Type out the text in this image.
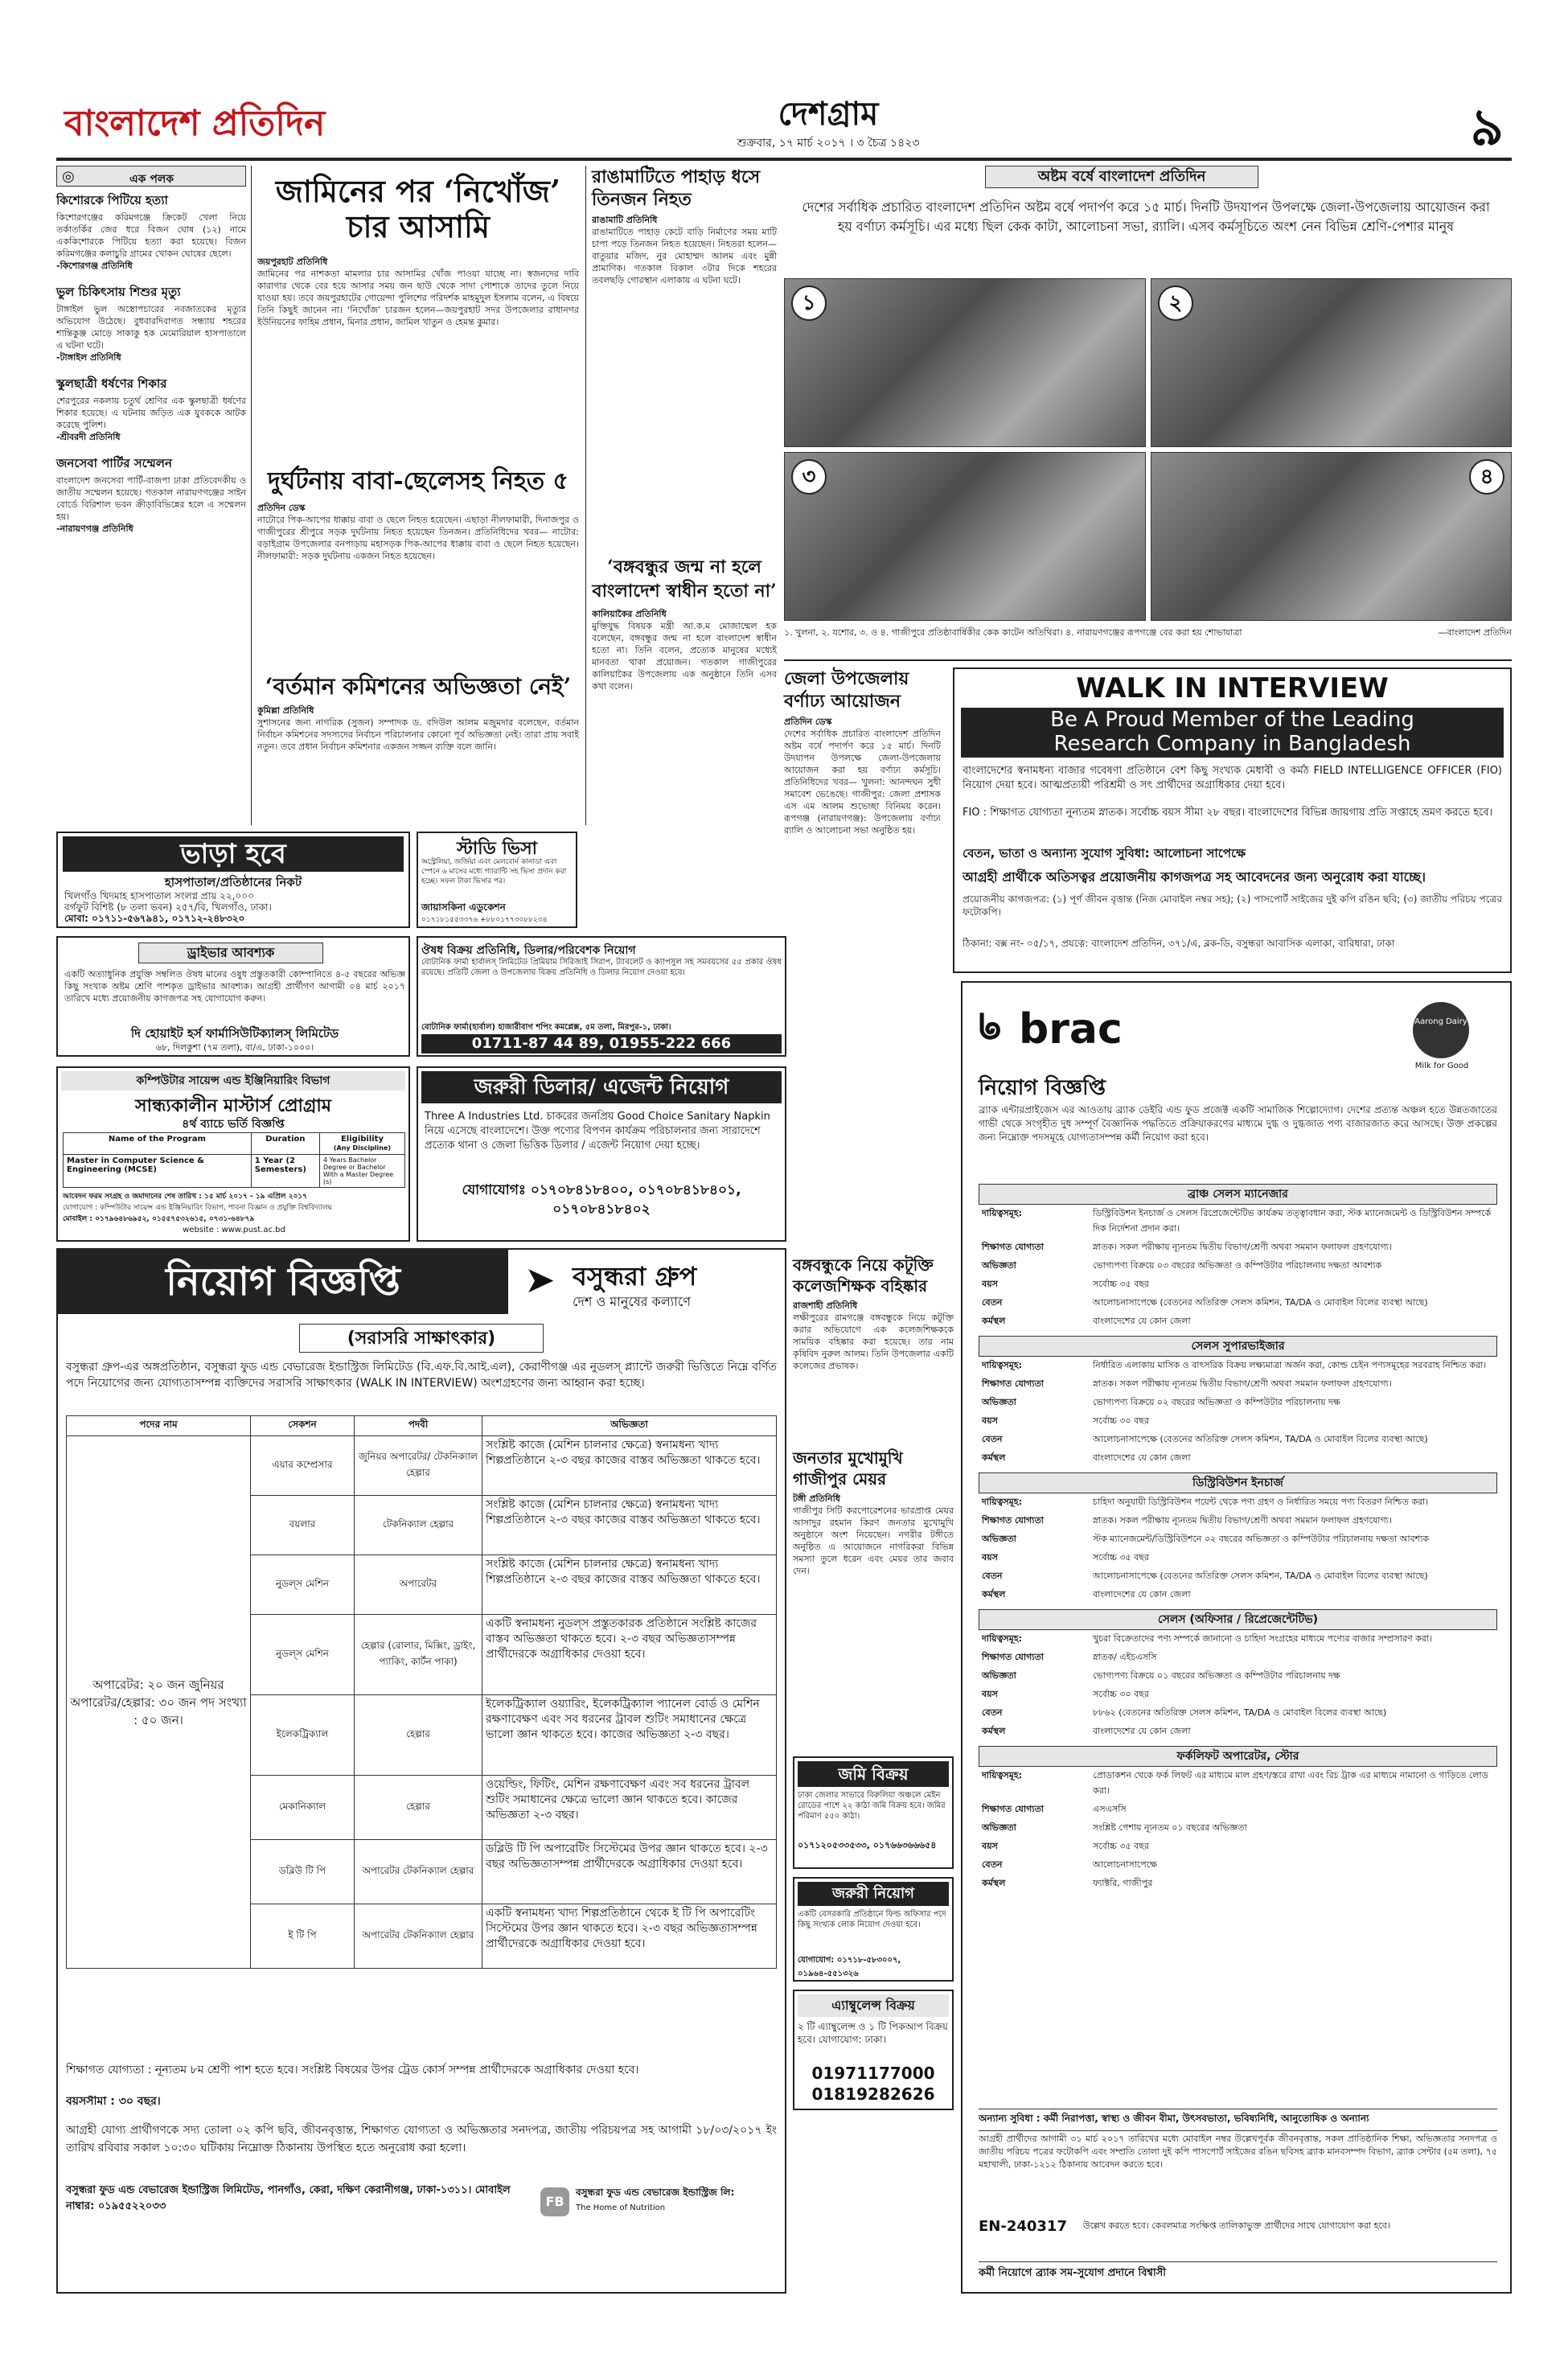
বাংলাদেশ প্রতিদিন	দেশগ্রাম
শুক্রবার, ১৭ মার্চ ২০১৭ । ৩ চৈত্র ১৪২৩	৯
◎	এক পলক
কিশোরকে পিটিয়ে হত্যা
কিশোরগঞ্জের করিমগঞ্জে ক্রিকেট খেলা নিয়ে তর্কাতর্কির জের ধরে বিজন ঘোষ (১২) নামে এককিশোরকে পিটিয়ে হত্যা করা হয়েছে। বিজন করিমগঞ্জের কলাচুরি গ্রামের খোকন ঘোষের ছেলে।
-কিশোরগঞ্জ প্রতিনিধি
ভুল চিকিৎসায় শিশুর মৃত্যু
টাঙ্গাইল ভুল অস্ত্রোপচারের নবজাতকের মৃত্যুর অভিযোগ উঠেছে। বুধবারদিবাগত সন্ধ্যায় শহরের শান্তিকুঞ্জ মোড়ে সাকাকু হক মেমোরিয়াল হাসপাতালে এ ঘটনা ঘটে।
-টাঙ্গাইল প্রতিনিধি
স্কুলছাত্রী ধর্ষণের শিকার
শেরপুরের নকলায় চতুর্থ শ্রেণির এক স্কুলছাত্রী ধর্ষণের শিকার হয়েছে। এ ঘটনায় জড়িত এক যুবককে আটক করেছে পুলিশ।
-শ্রীবরদী প্রতিনিধি
জনসেবা পার্টির সম্মেলন
বাংলাদেশ জনসেবা পার্টি-বাজপা ঢাকা প্রতিবেদকীয় ও জাতীয় সম্মেলন হয়েছে। গতকাল নারায়ণগঞ্জের সাইন বোর্ডে বিরিশাল ভবন ক্রীড়াবিভিন্নের হলে এ সম্মেলন হয়।
-নারায়ণগঞ্জ প্রতিনিধি
জামিনের পর ‘নিখোঁজ’ চার আসামি
জয়পুরহাট প্রতিনিধি
জামিনের পর নাশকতা মামলার চার আসামির খোঁজ পাওয়া যাচ্ছে না। স্বজনদের দাবি কারাগার থেকে বের হয়ে আসার সময় জন ছাউ থেকে সাদা পোশাকে তাদের তুলে নিয়ে যাওয়া হয়। তবে জয়পুরহাটের গোয়েন্দা পুলিশের পরিদর্শক মাহমুদুল ইসলাম বলেন, এ বিষয়ে তিনি কিছুই জানেন না। ‘নিখোঁজ’ চারজন হলেন—জয়পুরহাট সদর উপজেলার রাধানগর ইউনিয়নের ফাহিম প্রধান, মিনার প্রধান, জামিল খাতুন ও হেমন্ত কুমার।
দুর্ঘটনায় বাবা-ছেলেসহ নিহত ৫
প্রতিদিন ডেস্ক
নাটোরে পিক-আপের ধাক্কায় বাবা ও ছেলে নিহত হয়েছেন। এছাড়া নীলফামারী, দিনাজপুর ও গাজীপুরের শ্রীপুরে সড়ক দুর্ঘটনায় নিহত হয়েছেন তিনজন। প্রতিনিধিদের খবর— নাটোর: বড়াইগ্রাম উপজেলার বনপাড়ায় মহাসড়ক পিক-আপের ধাক্কায় বাবা ও ছেলে নিহত হয়েছেন। নীলফামারী: সড়ক দুর্ঘটনায় একজন নিহত হয়েছেন।
‘বর্তমান কমিশনের অভিজ্ঞতা নেই’
কুমিল্লা প্রতিনিধি
সুশাসনের জন্য নাগরিক (সুজন) সম্পাদক ড. বদিউল আলম মজুমদার বলেছেন, বর্তমান নির্বাচন কমিশনের সদস্যদের নির্বাচন পরিচালনার কোনো পূর্ব অভিজ্ঞতা নেই। তারা প্রায় সবাই নতুন। তবে প্রধান নির্বাচন কমিশনার একজন সজ্জন ব্যক্তি বলে জানি।
রাঙামাটিতে পাহাড় ধসে তিনজন নিহত
রাঙামাটি প্রতিনিধি
রাঙামাটিতে পাহাড় কেটে বাড়ি নির্মাণের সময় মাটি চাপা পড়ে তিনজন নিহত হয়েছেন। নিহতরা হলেন— বাতুয়ার মজিদ, নুর মোহাম্মদ আলম এবং মুন্নী প্রামাণিক। গতকাল বিকাল ৩টার দিকে শহরের তবলছড়ি গোরস্থান এলাকায় এ ঘটনা ঘটে।
‘বঙ্গবন্ধুর জন্ম না হলে বাংলাদেশ স্বাধীন হতো না’
কালিয়াকৈর প্রতিনিধি
মুক্তিযুদ্ধ বিষয়ক মন্ত্রী আ.ক.ম মোজাম্মেল হক বলেছেন, বঙ্গবন্ধুর জন্ম না হলে বাংলাদেশ স্বাধীন হতো না। তিনি বলেন, প্রত্যেক মানুষের মধ্যেই মানবতা থাকা প্রয়োজন। গতকাল গাজীপুরের কালিয়াকৈর উপজেলায় এক অনুষ্ঠানে তিনি এসব কথা বলেন।
অষ্টম বর্ষে বাংলাদেশ প্রতিদিন
দেশের সর্বাধিক প্রচারিত বাংলাদেশ প্রতিদিন অষ্টম বর্ষে পদার্পণ করে ১৫ মার্চ। দিনটি উদযাপন উপলক্ষে জেলা-উপজেলায় আয়োজন করা হয় বর্ণাঢ্য কর্মসূচি। এর মধ্যে ছিল কেক কাটা, আলোচনা সভা, র‌্যালি। এসব কর্মসূচিতে অংশ নেন বিভিন্ন শ্রেণি-পেশার মানুষ
১	২
৩	৪
১. খুলনা, ২. যশোর, ৩. ও ৪. গাজীপুরে প্রতিষ্ঠাবার্ষিকীর কেক কাটেন অতিথিরা। ৪. নারায়ণগঞ্জের রূপগঞ্জে বের করা হয় শোভাযাত্রা	—বাংলাদেশ প্রতিদিন
জেলা উপজেলায় বর্ণাঢ্য আয়োজন
প্রতিদিন ডেস্ক
দেশের সর্বাধিক প্রচারিত বাংলাদেশ প্রতিদিন অষ্টম বর্ষে পদার্পণ করে ১৫ মার্চ। দিনটি উদযাপন উপলক্ষে জেলা-উপজেলায় আয়োজন করা হয় বর্ণাঢ্য কর্মসূচি। প্রতিনিধিদের খবর— খুলনা: আনন্দঘন সুধী সমাবেশ ভেঙেছে। গাজীপুর: জেলা প্রশাসক এস এম আলম শুভেচ্ছা বিনিময় করেন। রূপগঞ্জ (নারায়ণগঞ্জ): উপজেলায় বর্ণাঢ্য র‌্যালি ও আলোচনা সভা অনুষ্ঠিত হয়।
WALK IN INTERVIEW
Be A Proud Member of the Leading
Research Company in Bangladesh
বাংলাদেশের স্বনামধন্য বাজার গবেষণা প্রতিষ্ঠানে বেশ কিছু সংখ্যক মেধাবী ও কর্মঠ FIELD INTELLIGENCE OFFICER (FIO) নিয়োগ দেয়া হবে। আত্মপ্রত্যয়ী পরিশ্রমী ও সৎ প্রার্থীদের অগ্রাধিকার দেয়া হবে।
FIO : শিক্ষাগত যোগ্যতা নুন্যতম স্নাতক। সর্বোচ্চ বয়স সীমা ২৮ বছর। বাংলাদেশের বিভিন্ন জায়গায় প্রতি সপ্তাহে ভ্রমণ করতে হবে।
বেতন, ভাতা ও অন্যান্য সুযোগ সুবিধা: আলোচনা সাপেক্ষে
আগ্রহী প্রার্থীকে অতিসত্বর প্রয়োজনীয় কাগজপত্র সহ আবেদনের জন্য অনুরোধ করা যাচ্ছে।
প্রয়োজনীয় কাগজপত্র: (১) পূর্ণ জীবন বৃত্তান্ত (নিজ মোবাইল নম্বর সহ); (২) পাসপোর্ট সাইজের দুই কপি রঙিন ছবি; (৩) জাতীয় পরিচয় পত্রের ফটোকপি।
ঠিকানা: বক্স নং- ০৫/১৭, প্রযত্নে: বাংলাদেশ প্রতিদিন, ৩৭১/এ, ব্লক-ডি, বসুন্ধরা আবাসিক এলাকা, বারিধারা, ঢাকা
ভাড়া হবে
হাসপাতাল/প্রতিষ্ঠানের নিকট
খিলগাঁও খিদমাহ হাসপাতাল সংলগ্ন প্রায় ২২,০০০
বর্গফুট বিশিষ্ট (৮ তলা ভবন) ২৫৭/বি, খিলগাঁও, ঢাকা।
মোবা: ০১৭১১-৫৬৭৯৪১, ০১৭১২-২৪৮৩২০
স্টাডি ভিসা
অস্ট্রেলিয়া, জর্জিয়া এবং মেলবোর্ন কানাডা এবং স্পেনে ৬ মাসের মধ্যে গ্যারান্টি সহ ভিসা প্রদান করা হচ্ছে। সফল টাকা ভিসার পর।
জায়াসকিনা এডুকেশন
০১৭১৮১৫৫৩৩৭৬ +৮৮০১৭৭৩০৮৮২৩৪
ড্রাইভার আবশ্যক
একটি অত্যাধুনিক প্রযুক্তি সম্বলিত ঔষধ মানের ওষুধ প্রস্তুতকারী কোম্পানিতে ৪-৫ বছরের অভিজ্ঞ কিছু সংখ্যক অষ্টম শ্রেণি পাশকৃত ড্রাইভার আবশ্যক। আগ্রহী প্রার্থীগণ আগামী ০৪ মার্চ ২০১৭ তারিখে মধ্যে প্রয়োজনীয় কাগজপত্র সহ যোগাযোগ করুন।
দি হোয়াইট হর্স ফার্মাসিউটিক্যালস্ লিমিটেড
৬৮, দিলকুশা (৭ম তলা), বা/এ, ঢাকা-১০০০।
ঔষধ বিক্রয় প্রতিনিধি, ডিলার/পরিবেশক নিয়োগ
বোটানিক ফার্মা হার্বালস্ লিমিটেড প্রিমিয়াম সিরিজাই সিরাপ, ট্যাবলেট ও ক্যাপসুল সহ সমবয়সের ৫৫ প্রকার ঔষধ রয়েছে। প্রতিটি জেলা ও উপজেলায় বিক্রয় প্রতিনিধি ও ডিলার নিয়োগ দেওয়া হবে।
বোটানিক ফার্মা(হার্বাল) হাজারীবাগ শপিং কমপ্লেক্স, ৫ম তলা, মিরপুর-১, ঢাকা।
01711-87 44 89, 01955-222 666
কম্পিউটার সায়েন্স এন্ড ইঞ্জিনিয়ারিং বিভাগ
সান্ধ্যকালীন মাস্টার্স প্রোগ্রাম
৪র্থ ব্যাচে ভর্তি বিজ্ঞপ্তি
Name of the Program	Duration	Eligibility
(Any Discipline)
Master in Computer Science & Engineering (MCSE)	1 Year (2 Semesters)	4 Years Bachelor Degree or Bachelor With a Master Degree (s)
আবেদন ফরম সংগ্রহ ও জমাদানের শেষ তারিখ : ১৫ মার্চ ২০১৭ - ১৯ এপ্রিল ২০১৭
যোগাযোগ : কম্পিউটার সায়েন্স এন্ড ইঞ্জিনিয়ারিং বিভাগ, পাবনা বিজ্ঞান ও প্রযুক্তি বিশ্ববিদ্যালয়
মোবাইল : ০১৭৯৬৪৮৬৯৫২, ০১৫৫৭৫৩২৬১৫, ০৭৩১-৬৪৮৭৯
website : www.pust.ac.bd
জরুরী ডিলার/ এজেন্ট নিয়োগ
Three A Industries Ltd. চাকরের জনপ্রিয় Good Choice Sanitary Napkin নিয়ে এসেছে বাংলাদেশে। উক্ত পণ্যের বিপণন কার্যক্রম পরিচালনার জন্য সারাদেশে প্রত্যেক থানা ও জেলা ভিত্তিক ডিলার / এজেন্ট নিয়োগ দেয়া হচ্ছে।
যোগাযোগঃ ০১৭০৮৪১৮৪০০, ০১৭০৮৪১৮৪০১, ০১৭০৮৪১৮৪০২
নিয়োগ বিজ্ঞপ্তি	➤ বসুন্ধরা গ্রুপ
দেশ ও মানুষের কল্যাণে
(সরাসরি সাক্ষাৎকার)
বসুন্ধরা গ্রুপ-এর অঙ্গপ্রতিষ্ঠান, বসুন্ধরা ফুড এন্ড বেভারেজ ইন্ডাস্ট্রিজ লিমিটেড (বি.এফ.বি.আই.এল), কেরাণীগঞ্জ এর নুডলস্ প্ল্যান্টে জরুরী ভিত্তিতে নিম্নে বর্ণিত পদে নিয়োগের জন্য যোগ্যতাসম্পন্ন ব্যক্তিদের সরাসরি সাক্ষাৎকার (WALK IN INTERVIEW) অংশগ্রহণের জন্য আহ্বান করা হচ্ছে।
পদের নাম	সেকশন	পদবী	অভিজ্ঞতা
অপারেটর: ২০ জন জুনিয়র অপারেটর/হেল্পার: ৩০ জন পদ সংখ্যা : ৫০ জন।	এয়ার কম্প্রেসার	জুনিয়র অপারেটর/ টেকনিক্যাল হেল্পার	সংশ্লিষ্ট কাজে (মেশিন চালনার ক্ষেত্রে) স্বনামধন্য খাদ্য শিল্পপ্রতিষ্ঠানে ২-৩ বছর কাজের বাস্তব অভিজ্ঞতা থাকতে হবে।
	বয়লার	টেকনিক্যাল হেল্পার	সংশ্লিষ্ট কাজে (মেশিন চালনার ক্ষেত্রে) স্বনামধন্য খাদ্য শিল্পপ্রতিষ্ঠানে ২-৩ বছর কাজের বাস্তব অভিজ্ঞতা থাকতে হবে।
	নুডল্‌স মেশিন	অপারেটর	সংশ্লিষ্ট কাজে (মেশিন চালনার ক্ষেত্রে) স্বনামধন্য খাদ্য শিল্পপ্রতিষ্ঠানে ২-৩ বছর কাজের বাস্তব অভিজ্ঞতা থাকতে হবে।
	নুডল্‌স মেশিন	হেল্পার (রোলার, মিক্সিং, ড্রাইং, প্যাকিং, কার্টন পাকা)	একটি স্বনামধন্য নুডল্‌স প্রস্তুতকারক প্রতিষ্ঠানে সংশ্লিষ্ট কাজের বাস্তব অভিজ্ঞতা থাকতে হবে। ২-৩ বছর অভিজ্ঞতাসম্পন্ন প্রার্থীদেরকে অগ্রাধিকার দেওয়া হবে।
	ইলেকট্রিক্যাল	হেল্পার	ইলেকট্রিক্যাল ওয়্যারিং, ইলেকট্রিক্যাল প্যানেল বোর্ড ও মেশিন রক্ষণাবেক্ষণ এবং সব ধরনের ট্রাবল শুটিং সমাধানের ক্ষেত্রে ভালো জ্ঞান থাকতে হবে। কাজের অভিজ্ঞতা ২-৩ বছর।
	মেকানিক্যাল	হেল্পার	ওয়েল্ডিং, ফিটিং, মেশিন রক্ষণাবেক্ষণ এবং সব ধরনের ট্রাবল শুটিং সমাধানের ক্ষেত্রে ভালো জ্ঞান থাকতে হবে। কাজের অভিজ্ঞতা ২-৩ বছর।
	ডব্লিউ টি পি	অপারেটর টেকনিক্যাল হেল্পার	ডব্লিউ টি পি অপারেটিং সিস্টেমের উপর জ্ঞান থাকতে হবে। ২-৩ বছর অভিজ্ঞতাসম্পন্ন প্রার্থীদেরকে অগ্রাধিকার দেওয়া হবে।
	ই টি পি	অপারেটর টেকনিক্যাল হেল্পার	একটি স্বনামধন্য খাদ্য শিল্পপ্রতিষ্ঠানে থেকে ই টি পি অপারেটিং সিস্টেমের উপর জ্ঞান থাকতে হবে। ২-৩ বছর অভিজ্ঞতাসম্পন্ন প্রার্থীদেরকে অগ্রাধিকার দেওয়া হবে।
শিক্ষাগত যোগ্যতা : নূন্যতম ৮ম শ্রেণী পাশ হতে হবে। সংশ্লিষ্ট বিষয়ের উপর ট্রেড কোর্স সম্পন্ন প্রার্থীদেরকে অগ্রাধিকার দেওয়া হবে।
বয়সসীমা : ৩০ বছর।
আগ্রহী যোগ্য প্রার্থীগণকে সদ্য তোলা ০২ কপি ছবি, জীবনবৃত্তান্ত, শিক্ষাগত যোগ্যতা ও অভিজ্ঞতার সনদপত্র, জাতীয় পরিচয়পত্র সহ আগামী ১৮/০৩/২০১৭ ইং তারিখ রবিবার সকাল ১০:৩০ ঘটিকায় নিম্নোক্ত ঠিকানায় উপস্থিত হতে অনুরোধ করা হলো।
বসুন্ধরা ফুড এন্ড বেভারেজ ইন্ডাস্ট্রিজ লিমিটেড, পানগাঁও, কেরা, দক্ষিণ কেরানীগঞ্জ, ঢাকা-১৩১১। মোবাইল নাম্বার: ০১৯৫৫২২০৩৩	FB
বসুন্ধরা ফুড এন্ড বেভারেজ ইন্ডাস্ট্রিজ লি:
The Home of Nutrition
বঙ্গবন্ধুকে নিয়ে কটূক্তি কলেজশিক্ষক বহিষ্কার
রাজশাহী প্রতিনিধি
লক্ষীপুরের রামগঞ্জে বঙ্গবন্ধুকে নিয়ে কটূক্তি করার অভিযোগে এক কলেজশিক্ষককে সাময়িক বহিষ্কার করা হয়েছে। তার নাম কৃষিবিদ নুরুল আলম। তিনি উপজেলার একটি কলেজের প্রভাষক।
জনতার মুখোমুখি গাজীপুর মেয়র
টঙ্গী প্রতিনিধি
গাজীপুর সিটি করপোরেশনের ভারপ্রাপ্ত মেয়র আসাদুর রহমান কিরণ জনতার মুখোমুখি অনুষ্ঠানে অংশ নিয়েছেন। নগরীর টঙ্গীতে অনুষ্ঠিত এ আয়োজনে নাগরিকরা বিভিন্ন সমস্যা তুলে ধরেন এবং মেয়র তার জবাব দেন।
জমি বিক্রয়
ঢাকা জেলার সাভারে বিরুলিয়া অঞ্চলে মেইন রোডের পাশে ২২ কাঠা জমি বিক্রয় হবে। জমির পরিমাণ ৫৫০ কাঠা।
০১৭১২০৫৩৩৫৩৩, ০১৭৬৬৩৬৬৬৫৪
জরুরী নিয়োগ
একটি বেসরকারি প্রতিষ্ঠানে ফিল্ড অফিসার পদে কিছু সংখ্যক লোক নিয়োগ দেওয়া হবে।
যোগাযোগ: ০১৭১৮-৫৮৩০০৭, ০১৯৬৪-৫৫১৩২৬
এ্যাম্বুলেন্স বিক্রয়
২ টি এ্যাম্বুলেন্স ও ১ টি পিকআপ বিক্রয় হবে। যোগাযোগ: ঢাকা।
01971177000
01819282626
ᖚ brac	Aarong Dairy
Milk for Good
নিয়োগ বিজ্ঞপ্তি
ব্র্যাক এন্টারপ্রাইজেস এর আওতায় ব্র্যাক ডেইরি এন্ড ফুড প্রজেক্ট একটি সামাজিক শিল্পোদ্যোগ। দেশের প্রত্যন্ত অঞ্চল হতে উন্নতজাতের গাভী থেকে সংগৃহীত দুধ সম্পূর্ণ বৈজ্ঞানিক পদ্ধতিতে প্রক্রিয়াকরণের মাধ্যমে দুগ্ধ ও দুগ্ধজাত পণ্য বাজারজাত করে আসছে। উক্ত প্রকল্পের জন্য নিম্নোক্ত পদসমূহে যোগ্যতাসম্পন্ন কর্মী নিয়োগ করা হবে।
ব্রাঞ্চ সেলস ম্যানেজার
দায়িত্বসমূহ:	ডিস্ট্রিবিউশন ইনচার্জ ও সেলস রিপ্রেজেন্টেটিভ কার্যক্রম তত্ত্বাবধান করা, স্টক ম্যানেজমেন্ট ও ডিস্ট্রিবিউশন সম্পর্কে দিক নির্দেশনা প্রদান করা।
শিক্ষাগত যোগ্যতা	স্নাতক। সকল পরীক্ষায় ন্যূনতম দ্বিতীয় বিভাগ/শ্রেণী অথবা সমমান ফলাফল গ্রহণযোগ্য।
অভিজ্ঞতা	ভোগ্যপণ্য বিক্রয়ে ০৩ বছরের অভিজ্ঞতা ও কম্পিউটার পরিচালনায় দক্ষতা আবশ্যক
বয়স	সর্বোচ্চ ৩৫ বছর
বেতন	আলোচনাসাপেক্ষে (বেতনের অতিরিক্ত সেলস কমিশন, TA/DA ও মোবাইল বিলের ব্যবস্থা আছে)
কর্মস্থল	বাংলাদেশের যে কোন জেলা
সেলস সুপারভাইজার
দায়িত্বসমূহ:	নির্ধারিত এলাকায় মাসিক ও বাৎসরিক বিক্রয় লক্ষ্যমাত্রা অর্জন করা, কোল্ড চেইন পণ্যসমূহের সরবরাহ নিশ্চিত করা।
শিক্ষাগত যোগ্যতা	স্নাতক। সকল পরীক্ষায় ন্যূনতম দ্বিতীয় বিভাগ/শ্রেণী অথবা সমমান ফলাফল গ্রহণযোগ্য।
অভিজ্ঞতা	ভোগ্যপণ্য বিক্রয়ে ০২ বছরের অভিজ্ঞতা ও কম্পিউটার পরিচালনায় দক্ষ
বয়স	সর্বোচ্চ ৩০ বছর
বেতন	আলোচনাসাপেক্ষে (বেতনের অতিরিক্ত সেলস কমিশন, TA/DA ও মোবাইল বিলের ব্যবস্থা আছে)
কর্মস্থল	বাংলাদেশের যে কোন জেলা
ডিস্ট্রিবিউশন ইনচার্জ
দায়িত্বসমূহ:	চাহিদা অনুযায়ী ডিস্ট্রিবিউশন পয়েন্ট থেকে পণ্য গ্রহণ ও নির্ধারিত সময়ে পণ্য বিতরণ নিশ্চিত করা।
শিক্ষাগত যোগ্যতা	স্নাতক। সকল পরীক্ষায় ন্যূনতম দ্বিতীয় বিভাগ/শ্রেণী অথবা সমমান ফলাফল গ্রহণযোগ্য।
অভিজ্ঞতা	স্টক ম্যানেজমেন্ট/ডিস্ট্রিবিউশনে ০২ বছরের অভিজ্ঞতা ও কম্পিউটার পরিচালনায় দক্ষতা আবশ্যক
বয়স	সর্বোচ্চ ৩৫ বছর
বেতন	আলোচনাসাপেক্ষে (বেতনের অতিরিক্ত সেলস কমিশন, TA/DA ও মোবাইল বিলের ব্যবস্থা আছে)
কর্মস্থল	বাংলাদেশের যে কোন জেলা
সেলস (অফিসার / রিপ্রেজেন্টেটিভ)
দায়িত্বসমূহ:	খুচরা বিক্রেতাদের পণ্য সম্পর্কে জানানো ও চাহিদা সংগ্রহের মাধ্যমে পণ্যের বাজার সম্প্রসারণ করা।
শিক্ষাগত যোগ্যতা	স্নাতক/ এইচএসসি
অভিজ্ঞতা	ভোগ্যপণ্য বিক্রয়ে ০১ বছরের অভিজ্ঞতা ও কম্পিউটার পরিচালনায় দক্ষ
বয়স	সর্বোচ্চ ৩০ বছর
বেতন	৮৮৬২ (বেতনের অতিরিক্ত সেলস কমিশন, TA/DA ও মোবাইল বিলের ব্যবস্থা আছে)
কর্মস্থল	বাংলাদেশের যে কোন জেলা
ফর্কলিফট অপারেটর, স্টোর
দায়িত্বসমূহ:	প্রোডাকশন থেকে ফর্ক লিফট এর মাধ্যমে মাল গ্রহণ/স্তরে রাখা এবং রিচ ট্রাক এর মাধ্যমে নামানো ও গাড়িতে লোড করা।
শিক্ষাগত যোগ্যতা	এসএসসি
অভিজ্ঞতা	সংশ্লিষ্ট পেশায় ন্যূনতম ০১ বছরের অভিজ্ঞতা
বয়স	সর্বোচ্চ ৩৫ বছর
বেতন	আলোচনাসাপেক্ষে
কর্মস্থল	ফ্যাক্টরি, গাজীপুর
অন্যান্য সুবিধা : কর্মী নিরাপত্তা, স্বাস্থ্য ও জীবন বীমা, উৎসবভাতা, ভবিষ্যনিধি, আনুতোষিক ও অন্যান্য
আগ্রহী প্রার্থীদের আগামী ৩১ মার্চ ২০১৭ তারিখের মধ্যে মোবাইল নম্বর উল্লেখপূর্বক জীবনবৃত্তান্ত, সকল প্রাতিষ্ঠানিক শিক্ষা, অভিজ্ঞতার সনদপত্র ও জাতীয় পরিচয় পত্রের ফটোকপি এবং সম্প্রতি তোলা দুই কপি পাসপোর্ট সাইজের রঙিন ছবিসহ ব্র্যাক মানবসম্পদ বিভাগ, ব্র্যাক সেন্টার (৫ম তলা), ৭৫ মহাখালী, ঢাকা-১২১২ ঠিকানায় আবেদন করতে হবে।
EN-240317 উল্লেখ করতে হবে। কেবলমাত্র সংক্ষিপ্ত তালিকাভুক্ত প্রার্থীদের সাথে যোগাযোগ করা হবে।
কর্মী নিয়োগে ব্র্যাক সম-সুযোগ প্রদানে বিশ্বাসী
